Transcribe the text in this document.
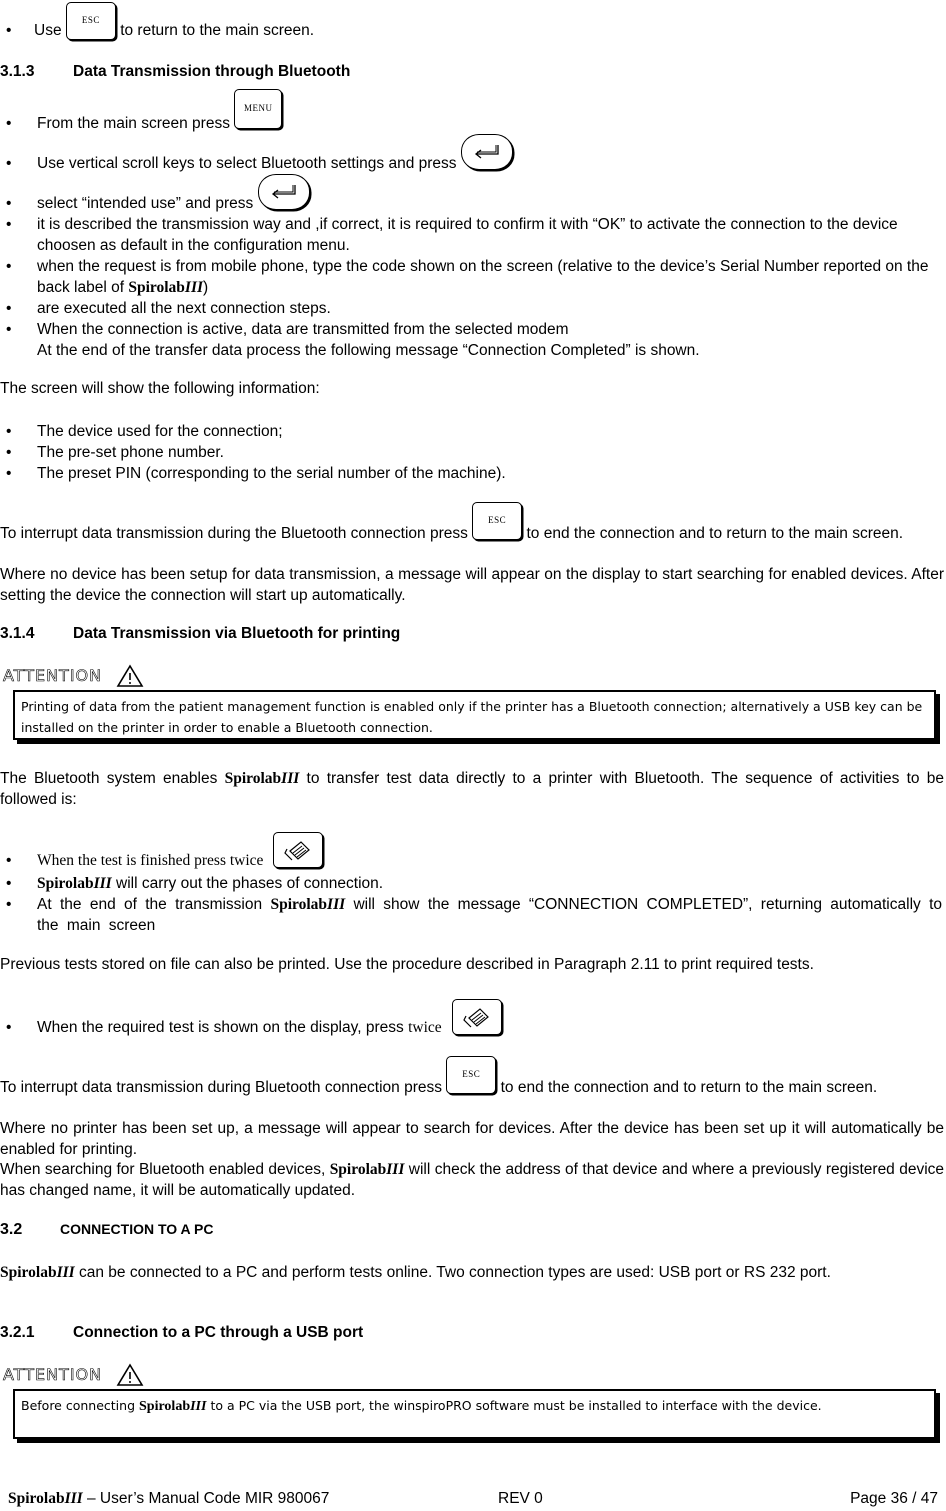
• Use ESC to return to the main screen.
3.1.3 Data Transmission through Bluetooth
• From the main screen press MENU
• Use vertical scroll keys to select Bluetooth settings and press
• select “intended use” and press
• it is described the transmission way and ,if correct, it is required to confirm it with “OK” to activate the connection to the device choosen as default in the configuration menu.
• when the request is from mobile phone, type the code shown on the screen (relative to the device’s Serial Number reported on the back label of SpirolabIII)
• are executed all the next connection steps.
• When the connection is active, data are transmitted from the selected modem
At the end of the transfer data process the following message “Connection Completed” is shown.
The screen will show the following information:
• The device used for the connection;
• The pre-set phone number.
• The preset PIN (corresponding to the serial number of the machine).
To interrupt data transmission during the Bluetooth connection press ESC to end the connection and to return to the main screen.
Where no device has been setup for data transmission, a message will appear on the display to start searching for enabled devices. After setting the device the connection will start up automatically.
3.1.4 Data Transmission via Bluetooth for printing
ATTENTION
Printing of data from the patient management function is enabled only if the printer has a Bluetooth connection; alternatively a USB key can be installed on the printer in order to enable a Bluetooth connection.
The Bluetooth system enables SpirolabIII to transfer test data directly to a printer with Bluetooth. The sequence of activities to be followed is:
• When the test is finished press twice
• SpirolabIII will carry out the phases of connection.
• At the end of the transmission SpirolabIII will show the message “CONNECTION COMPLETED”, returning automatically to the main screen
Previous tests stored on file can also be printed. Use the procedure described in Paragraph 2.11 to print required tests.
• When the required test is shown on the display, press twice
To interrupt data transmission during Bluetooth connection press ESC to end the connection and to return to the main screen.
Where no printer has been set up, a message will appear to search for devices. After the device has been set up it will automatically be enabled for printing.
When searching for Bluetooth enabled devices, SpirolabIII will check the address of that device and where a previously registered device has changed name, it will be automatically updated.
3.2	CONNECTION TO A PC
SpirolabIII can be connected to a PC and perform tests online. Two connection types are used: USB port or RS 232 port.
3.2.1 Connection to a PC through a USB port
ATTENTION
Before connecting SpirolabIII to a PC via the USB port, the winspiroPRO software must be installed to interface with the device.
SpirolabIII – User’s Manual Code MIR 980067	REV 0	Page 36 / 47
